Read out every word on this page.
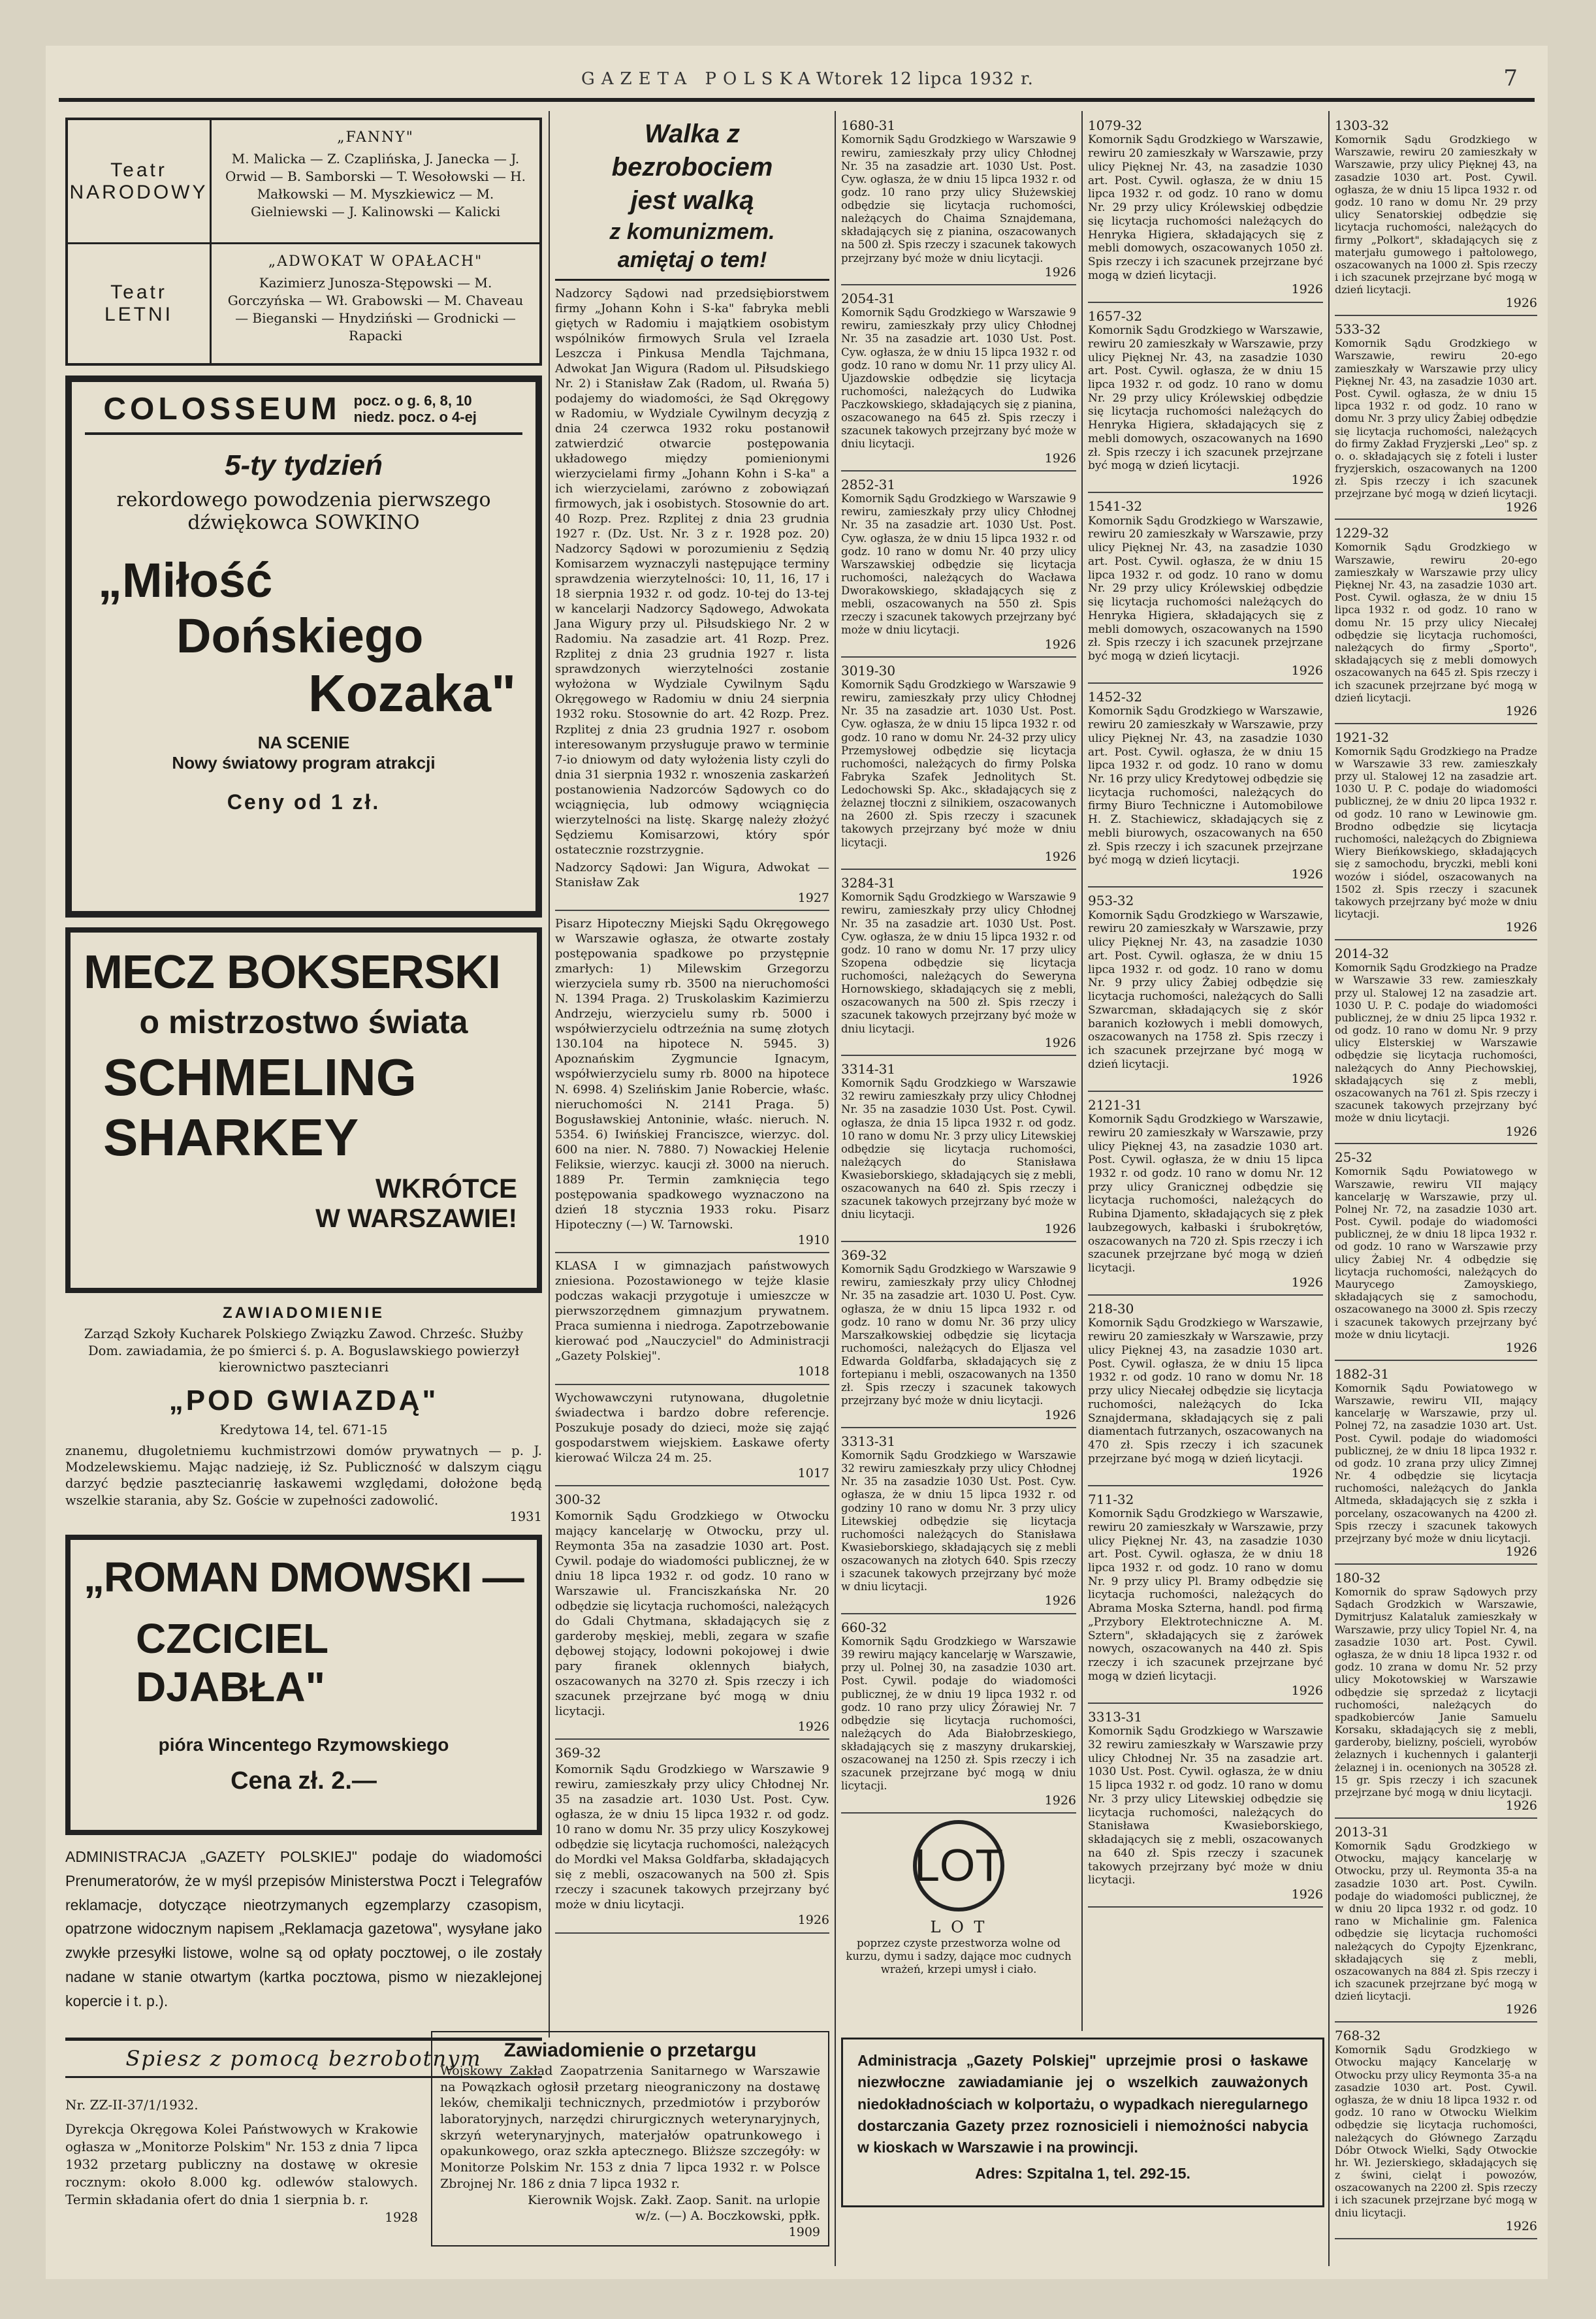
GAZETA POLSKA Wtorek 12 lipca 1932 r.	7
Teatr
NARODOWY
„FANNY"
M. Malicka — Z. Czaplińska, J. Janecka — J. Orwid — B. Samborski — T. Wesołowski — H. Małkowski — M. Myszkiewicz — M. Gielniewski — J. Kalinowski — Kalicki
Teatr
LETNI
„ADWOKAT W OPAŁACH"
Kazimierz Junosza-Stępowski — M. Gorczyńska — Wł. Grabowski — M. Chaveau — Bieganski — Hnydziński — Grodnicki — Rapacki
COLOSSEUM pocz. o g. 6, 8, 10 niedz. pocz. o 4-ej
5-ty tydzień
rekordowego powodzenia pierwszego dźwiękowca SOWKINO
„Miłość
Dońskiego
Kozaka"
NA SCENIE
Nowy światowy program atrakcji
Ceny od 1 zł.
MECZ BOKSERSKI
o mistrzostwo świata
SCHMELING
SHARKEY
WKRÓTCE
W WARSZAWIE!
ZAWIADOMIENIE
Zarząd Szkoły Kucharek Polskiego Związku Zawod. Chrześc. Służby Dom. zawiadamia, że po śmierci ś. p. A. Boguslawskiego powierzył kierownictwo pasztecianri
„POD GWIAZDĄ"
Kredytowa 14, tel. 671-15
znanemu, długoletniemu kuchmistrzowi domów prywatnych — p. J. Modzelewskiemu. Mając nadzieję, iż Sz. Publiczność w dalszym ciągu darzyć będzie pasztecianrię łaskawemi względami, dołożone będą wszelkie starania, aby Sz. Goście w zupełności zadowolić.
1931
„ROMAN DMOWSKI —
CZCICIEL DJABŁA"
pióra Wincentego Rzymowskiego
Cena zł. 2.—
ADMINISTRACJA „GAZETY POLSKIEJ" podaje do wiadomości Prenumeratorów, że w myśl przepisów Ministerstwa Poczt i Telegrafów reklamacje, dotyczące nieotrzymanych egzemplarzy czasopism, opatrzone widocznym napisem „Reklamacja gazetowa", wysyłane jako zwykłe przesyłki listowe, wolne są od opłaty pocztowej, o ile zostały nadane w stanie otwartym (kartka pocztowa, pismo w niezaklejonej kopercie i t. p.).
Spiesz z pomocą bezrobotnym
Nr. ZZ-II-37/1/1932.
Dyrekcja Okręgowa Kolei Państwowych w Krakowie ogłasza w „Monitorze Polskim" Nr. 153 z dnia 7 lipca 1932 przetarg publiczny na dostawę w okresie rocznym: około 8.000 kg. odlewów stalowych. Termin składania ofert do dnia 1 sierpnia b. r.
1928
Walka z
bezrobociem
jest walką
z komunizmem.
amiętaj o tem!
Nadzorcy Sądowi nad przedsiębiorstwem firmy „Johann Kohn i S-ka" fabryka mebli giętych w Radomiu i majątkiem osobistym wspólników firmowych Srula vel Izraela Leszcza i Pinkusa Mendla Tajchmana, Adwokat Jan Wigura (Radom ul. Piłsudskiego Nr. 2) i Stanisław Zak (Radom, ul. Rwańa 5) podajemy do wiadomości, że Sąd Okręgowy w Radomiu, w Wydziale Cywilnym decyzją z dnia 24 czerwca 1932 roku postanowił zatwierdzić otwarcie postępowania układowego między pomienionymi wierzycielami firmy „Johann Kohn i S-ka" a ich wierzycielami, zarówno z zobowiązań firmowych, jak i osobistych. Stosownie do art. 40 Rozp. Prez. Rzplitej z dnia 23 grudnia 1927 r. (Dz. Ust. Nr. 3 z r. 1928 poz. 20) Nadzorcy Sądowi w porozumieniu z Sędzią Komisarzem wyznaczyli następujące terminy sprawdzenia wierzytelności: 10, 11, 16, 17 i 18 sierpnia 1932 r. od godz. 10-tej do 13-tej w kancelarji Nadzorcy Sądowego, Adwokata Jana Wigury przy ul. Piłsudskiego Nr. 2 w Radomiu. Na zasadzie art. 41 Rozp. Prez. Rzplitej z dnia 23 grudnia 1927 r. lista sprawdzonych wierzytelności zostanie wyłożona w Wydziale Cywilnym Sądu Okręgowego w Radomiu w dniu 24 sierpnia 1932 roku. Stosownie do art. 42 Rozp. Prez. Rzplitej z dnia 23 grudnia 1927 r. osobom interesowanym przysługuje prawo w terminie 7-io dniowym od daty wyłożenia listy czyli do dnia 31 sierpnia 1932 r. wnoszenia zaskarżeń postanowienia Nadzorców Sądowych co do wciągnięcia, lub odmowy wciągnięcia wierzytelności na listę. Skargę należy złożyć Sędziemu Komisarzowi, który spór ostatecznie rozstrzygnie.
Nadzorcy Sądowi: Jan Wigura, Adwokat — Stanisław Zak
1927
Pisarz Hipoteczny Miejski Sądu Okręgowego w Warszawie ogłasza, że otwarte zostały postępowania spadkowe po przystępnie zmarłych: 1) Milewskim Grzegorzu wierzyciela sumy rb. 3500 na nieruchomości N. 1394 Praga. 2) Truskolaskim Kazimierzu Andrzeju, wierzycielu sumy rb. 5000 i współwierzycielu odtrzeźnia na sumę złotych 130.104 na hipotece N. 5945. 3) Apoznańskim Zygmuncie Ignacym, współwierzycielu sumy rb. 8000 na hipotece N. 6998. 4) Szelińskim Janie Robercie, właśc. nieruchomości N. 2141 Praga. 5) Bogusławskiej Antoninie, właśc. nieruch. N. 5354. 6) Iwińskiej Franciszce, wierzyc. dol. 600 na nier. N. 7880. 7) Nowackiej Helenie Feliksie, wierzyc. kaucji zł. 3000 na nieruch. 1889 Pr. Termin zamknięcia tego postępowania spadkowego wyznaczono na dzień 18 stycznia 1933 roku. Pisarz Hipoteczny (—) W. Tarnowski.
1910
KLASA I w gimnazjach państwowych zniesiona. Pozostawionego w tejże klasie podczas wakacji przygotuje i umieszcze w pierwszorzędnem gimnazjum prywatnem. Praca sumienna i niedroga. Zapotrzebowanie kierować pod „Nauczyciel" do Administracji „Gazety Polskiej".
1018
Wychowawczyni rutynowana, długoletnie świadectwa i bardzo dobre referencje. Poszukuje posady do dzieci, może się zająć gospodarstwem wiejskiem. Łaskawe oferty kierować Wilcza 24 m. 25.
1017
300-32
Komornik Sądu Grodzkiego w Otwocku mający kancelarję w Otwocku, przy ul. Reymonta 35a na zasadzie 1030 art. Post. Cywil. podaje do wiadomości publicznej, że w dniu 18 lipca 1932 r. od godz. 10 rano w Warszawie ul. Franciszkańska Nr. 20 odbędzie się licytacja ruchomości, należących do Gdali Chytmana, składających się z garderoby męskiej, mebli, zegara w szafie dębowej stojący, lodowni pokojowej i dwie pary firanek oklennych białych, oszacowanych na 3270 zł. Spis rzeczy i ich szacunek przejrzane być mogą w dniu licytacji.
1926
369-32
Komornik Sądu Grodzkiego w Warszawie 9 rewiru, zamieszkały przy ulicy Chłodnej Nr. 35 na zasadzie art. 1030 Ust. Post. Cyw. ogłasza, że w dniu 15 lipca 1932 r. od godz. 10 rano w domu Nr. 35 przy ulicy Koszykowej odbędzie się licytacja ruchomości, należących do Mordki vel Maksa Goldfarba, składających się z mebli, oszacowanych na 500 zł. Spis rzeczy i szacunek takowych przejrzany być może w dniu licytacji.
1926
1680-31
Komornik Sądu Grodzkiego w Warszawie 9 rewiru, zamieszkały przy ulicy Chłodnej Nr. 35 na zasadzie art. 1030 Ust. Post. Cyw. ogłasza, że w dniu 15 lipca 1932 r. od godz. 10 rano przy ulicy Służewskiej odbędzie się licytacja ruchomości, należących do Chaima Sznajdemana, składających się z pianina, oszacowanych na 500 zł. Spis rzeczy i szacunek takowych przejrzany być może w dniu licytacji.
1926
2054-31
Komornik Sądu Grodzkiego w Warszawie 9 rewiru, zamieszkały przy ulicy Chłodnej Nr. 35 na zasadzie art. 1030 Ust. Post. Cyw. ogłasza, że w dniu 15 lipca 1932 r. od godz. 10 rano w domu Nr. 11 przy ulicy Al. Ujazdowskie odbędzie się licytacja ruchomości, należących do Ludwika Paczkowskiego, składających się z pianina, oszacowanego na 645 zł. Spis rzeczy i szacunek takowych przejrzany być może w dniu licytacji.
1926
2852-31
Komornik Sądu Grodzkiego w Warszawie 9 rewiru, zamieszkały przy ulicy Chłodnej Nr. 35 na zasadzie art. 1030 Ust. Post. Cyw. ogłasza, że w dniu 15 lipca 1932 r. od godz. 10 rano w domu Nr. 40 przy ulicy Warszawskiej odbędzie się licytacja ruchomości, należących do Wacława Dworakowskiego, składających się z mebli, oszacowanych na 550 zł. Spis rzeczy i szacunek takowych przejrzany być może w dniu licytacji.
1926
3019-30
Komornik Sądu Grodzkiego w Warszawie 9 rewiru, zamieszkały przy ulicy Chłodnej Nr. 35 na zasadzie art. 1030 Ust. Post. Cyw. ogłasza, że w dniu 15 lipca 1932 r. od godz. 10 rano w domu Nr. 24-32 przy ulicy Przemysłowej odbędzie się licytacja ruchomości, należących do firmy Polska Fabryka Szafek Jednolitych St. Ledochowski Sp. Akc., składających się z żelaznej tłoczni z silnikiem, oszacowanych na 2600 zł. Spis rzeczy i szacunek takowych przejrzany być może w dniu licytacji.
1926
3284-31
Komornik Sądu Grodzkiego w Warszawie 9 rewiru, zamieszkały przy ulicy Chłodnej Nr. 35 na zasadzie art. 1030 Ust. Post. Cyw. ogłasza, że w dniu 15 lipca 1932 r. od godz. 10 rano w domu Nr. 17 przy ulicy Szopena odbędzie się licytacja ruchomości, należących do Seweryna Hornowskiego, składających się z mebli, oszacowanych na 500 zł. Spis rzeczy i szacunek takowych przejrzany być może w dniu licytacji.
1926
3314-31
Komornik Sądu Grodzkiego w Warszawie 32 rewiru zamieszkały przy ulicy Chłodnej Nr. 35 na zasadzie 1030 Ust. Post. Cywil. ogłasza, że dnia 15 lipca 1932 r. od godz. 10 rano w domu Nr. 3 przy ulicy Litewskiej odbędzie się licytacja ruchomości, należących do Stanisława Kwasieborskiego, składających się z mebli, oszacowanych na 640 zł. Spis rzeczy i szacunek takowych przejrzany być może w dniu licytacji.
1926
369-32
Komornik Sądu Grodzkiego w Warszawie 9 rewiru, zamieszkały przy ulicy Chłodnej Nr. 35 na zasadzie art. 1030 U. Post. Cyw. ogłasza, że w dniu 15 lipca 1932 r. od godz. 10 rano w domu Nr. 36 przy ulicy Marszałkowskiej odbędzie się licytacja ruchomości, należących do Eljasza vel Edwarda Goldfarba, składających się z fortepianu i mebli, oszacowanych na 1350 zł. Spis rzeczy i szacunek takowych przejrzany być może w dniu licytacji.
1926
3313-31
Komornik Sądu Grodzkiego w Warszawie 32 rewiru zamieszkały przy ulicy Chłodnej Nr. 35 na zasadzie 1030 Ust. Post. Cyw. ogłasza, że w dniu 15 lipca 1932 r. od godziny 10 rano w domu Nr. 3 przy ulicy Litewskiej odbędzie się licytacja ruchomości należących do Stanisława Kwasieborskiego, składających się z mebli oszacowanych na złotych 640. Spis rzeczy i szacunek takowych przejrzany być może w dniu licytacji.
1926
660-32
Komornik Sądu Grodzkiego w Warszawie 39 rewiru mający kancelarję w Warszawie, przy ul. Polnej 30, na zasadzie 1030 art. Post. Cywil. podaje do wiadomości publicznej, że w dniu 19 lipca 1932 r. od godz. 10 rano przy ulicy Żórawiej Nr. 7 odbędzie się licytacja ruchomości, należących do Ada Białobrzeskiego, składających się z maszyny drukarskiej, oszacowanej na 1250 zł. Spis rzeczy i ich szacunek przejrzane być mogą w dniu licytacji.
1926
LOT
L O T
poprzez czyste przestworza wolne od kurzu, dymu i sadzy, dające moc cudnych wrażeń, krzepi umysł i ciało.
1079-32
Komornik Sądu Grodzkiego w Warszawie, rewiru 20 zamieszkały w Warszawie, przy ulicy Pięknej Nr. 43, na zasadzie 1030 art. Post. Cywil. ogłasza, że w dniu 15 lipca 1932 r. od godz. 10 rano w domu Nr. 29 przy ulicy Królewskiej odbędzie się licytacja ruchomości należących do Henryka Higiera, składających się z mebli domowych, oszacowanych 1050 zł. Spis rzeczy i ich szacunek przejrzane być mogą w dzień licytacji.
1926
1657-32
Komornik Sądu Grodzkiego w Warszawie, rewiru 20 zamieszkały w Warszawie, przy ulicy Pięknej Nr. 43, na zasadzie 1030 art. Post. Cywil. ogłasza, że w dniu 15 lipca 1932 r. od godz. 10 rano w domu Nr. 29 przy ulicy Królewskiej odbędzie się licytacja ruchomości należących do Henryka Higiera, składających się z mebli domowych, oszacowanych na 1690 zł. Spis rzeczy i ich szacunek przejrzane być mogą w dzień licytacji.
1926
1541-32
Komornik Sądu Grodzkiego w Warszawie, rewiru 20 zamieszkały w Warszawie, przy ulicy Pięknej Nr. 43, na zasadzie 1030 art. Post. Cywil. ogłasza, że w dniu 15 lipca 1932 r. od godz. 10 rano w domu Nr. 29 przy ulicy Królewskiej odbędzie się licytacja ruchomości należących do Henryka Higiera, składających się z mebli domowych, oszacowanych na 1590 zł. Spis rzeczy i ich szacunek przejrzane być mogą w dzień licytacji.
1926
1452-32
Komornik Sądu Grodzkiego w Warszawie, rewiru 20 zamieszkały w Warszawie, przy ulicy Pięknej Nr. 43, na zasadzie 1030 art. Post. Cywil. ogłasza, że w dniu 15 lipca 1932 r. od godz. 10 rano w domu Nr. 16 przy ulicy Kredytowej odbędzie się licytacja ruchomości, należących do firmy Biuro Techniczne i Automobilowe H. Z. Stachiewicz, składających się z mebli biurowych, oszacowanych na 650 zł. Spis rzeczy i ich szacunek przejrzane być mogą w dzień licytacji.
1926
953-32
Komornik Sądu Grodzkiego w Warszawie, rewiru 20 zamieszkały w Warszawie, przy ulicy Pięknej Nr. 43, na zasadzie 1030 art. Post. Cywil. ogłasza, że w dniu 15 lipca 1932 r. od godz. 10 rano w domu Nr. 9 przy ulicy Żabiej odbędzie się licytacja ruchomości, należących do Salli Szwarcman, składających się z skór baranich kozłowych i mebli domowych, oszacowanych na 1758 zł. Spis rzeczy i ich szacunek przejrzane być mogą w dzień licytacji.
1926
2121-31
Komornik Sądu Grodzkiego w Warszawie, rewiru 20 zamieszkały w Warszawie, przy ulicy Pięknej 43, na zasadzie 1030 art. Post. Cywil. ogłasza, że w dniu 15 lipca 1932 r. od godz. 10 rano w domu Nr. 12 przy ulicy Granicznej odbędzie się licytacja ruchomości, należących do Rubina Djamento, składających się z płek laubzegowych, kałbaski i śrubokrętów, oszacowanych na 720 zł. Spis rzeczy i ich szacunek przejrzane być mogą w dzień licytacji.
1926
218-30
Komornik Sądu Grodzkiego w Warszawie, rewiru 20 zamieszkały w Warszawie, przy ulicy Pięknej 43, na zasadzie 1030 art. Post. Cywil. ogłasza, że w dniu 15 lipca 1932 r. od godz. 10 rano w domu Nr. 18 przy ulicy Niecałej odbędzie się licytacja ruchomości, należących do Icka Sznajdermana, składających się z pali diamentach futrzanych, oszacowanych na 470 zł. Spis rzeczy i ich szacunek przejrzane być mogą w dzień licytacji.
1926
711-32
Komornik Sądu Grodzkiego w Warszawie, rewiru 20 zamieszkały w Warszawie, przy ulicy Pięknej Nr. 43, na zasadzie 1030 art. Post. Cywil. ogłasza, że w dniu 18 lipca 1932 r. od godz. 10 rano w domu Nr. 9 przy ulicy Pl. Bramy odbędzie się licytacja ruchomości, należących do Abrama Moska Szterna, handl. pod firmą „Przybory Elektrotechniczne A. M. Sztern", składających się z żarówek nowych, oszacowanych na 440 zł. Spis rzeczy i ich szacunek przejrzane być mogą w dzień licytacji.
1926
3313-31
Komornik Sądu Grodzkiego w Warszawie 32 rewiru zamieszkały w Warszawie przy ulicy Chłodnej Nr. 35 na zasadzie art. 1030 Ust. Post. Cywil. ogłasza, że w dniu 15 lipca 1932 r. od godz. 10 rano w domu Nr. 3 przy ulicy Litewskiej odbędzie się licytacja ruchomości, należących do Stanisława Kwasieborskiego, składających się z mebli, oszacowanych na 640 zł. Spis rzeczy i szacunek takowych przejrzany być może w dniu licytacji.
1926
1303-32
Komornik Sądu Grodzkiego w Warszawie, rewiru 20 zamieszkały w Warszawie, przy ulicy Pięknej 43, na zasadzie 1030 art. Post. Cywil. ogłasza, że w dniu 15 lipca 1932 r. od godz. 10 rano w domu Nr. 29 przy ulicy Senatorskiej odbędzie się licytacja ruchomości, należących do firmy „Polkort", składających się z materjału gumowego i pałtolowego, oszacowanych na 1000 zł. Spis rzeczy i ich szacunek przejrzane być mogą w dzień licytacji.
1926
533-32
Komornik Sądu Grodzkiego w Warszawie, rewiru 20-ego zamieszkały w Warszawie przy ulicy Pięknej Nr. 43, na zasadzie 1030 art. Post. Cywil. ogłasza, że w dniu 15 lipca 1932 r. od godz. 10 rano w domu Nr. 3 przy ulicy Żabiej odbędzie się licytacja ruchomości, należących do firmy Zakład Fryzjerski „Leo" sp. z o. o. składających się z foteli i luster fryzjerskich, oszacowanych na 1200 zł. Spis rzeczy i ich szacunek przejrzane być mogą w dzień licytacji.
1926
1229-32
Komornik Sądu Grodzkiego w Warszawie, rewiru 20-ego zamieszkały w Warszawie przy ulicy Pięknej Nr. 43, na zasadzie 1030 art. Post. Cywil. ogłasza, że w dniu 15 lipca 1932 r. od godz. 10 rano w domu Nr. 15 przy ulicy Niecałej odbędzie się licytacja ruchomości, należących do firmy „Sporto", składających się z mebli domowych oszacowanych na 645 zł. Spis rzeczy i ich szacunek przejrzane być mogą w dzień licytacji.
1926
1921-32
Komornik Sądu Grodzkiego na Pradze w Warszawie 33 rew. zamieszkały przy ul. Stalowej 12 na zasadzie art. 1030 U. P. C. podaje do wiadomości publicznej, że w dniu 20 lipca 1932 r. od godz. 10 rano w Lewinowie gm. Brodno odbędzie się licytacja ruchomości, należących do Zbigniewa Wiery Bieńkowskiego, składających się z samochodu, bryczki, mebli koni wozów i siódel, oszacowanych na 1502 zł. Spis rzeczy i szacunek takowych przejrzany być może w dniu licytacji.
1926
2014-32
Komornik Sądu Grodzkiego na Pradze w Warszawie 33 rew. zamieszkały przy ul. Stalowej 12 na zasadzie art. 1030 U. P. C. podaje do wiadomości publicznej, że w dniu 25 lipca 1932 r. od godz. 10 rano w domu Nr. 9 przy ulicy Elsterskiej w Warszawie odbędzie się licytacja ruchomości, należących do Anny Piechowskiej, składających się z mebli, oszacowanych na 761 zł. Spis rzeczy i szacunek takowych przejrzany być może w dniu licytacji.
1926
25-32
Komornik Sądu Powiatowego w Warszawie, rewiru VII mający kancelarję w Warszawie, przy ul. Polnej Nr. 72, na zasadzie 1030 art. Post. Cywil. podaje do wiadomości publicznej, że w dniu 18 lipca 1932 r. od godz. 10 rano w Warszawie przy ulicy Żabiej Nr. 4 odbędzie się licytacja ruchomości, należących do Maurycego Zamoyskiego, składających się z samochodu, oszacowanego na 3000 zł. Spis rzeczy i szacunek takowych przejrzany być może w dniu licytacji.
1926
1882-31
Komornik Sądu Powiatowego w Warszawie, rewiru VII, mający kancelarję w Warszawie, przy ul. Polnej 72, na zasadzie 1030 art. Ust. Post. Cywil. podaje do wiadomości publicznej, że w dniu 18 lipca 1932 r. od godz. 10 zrana przy ulicy Zimnej Nr. 4 odbędzie się licytacja ruchomości, należących do Jankla Altmeda, składających się z szkła i porcelany, oszacowanych na 4200 zł. Spis rzeczy i szacunek takowych przejrzany być może w dniu licytacji.
1926
180-32
Komornik do spraw Sądowych przy Sądach Grodzkich w Warszawie, Dymitrjusz Kalataluk zamieszkały w Warszawie, przy ulicy Topiel Nr. 4, na zasadzie 1030 art. Post. Cywil. ogłasza, że w dniu 18 lipca 1932 r. od godz. 10 zrana w domu Nr. 52 przy ulicy Mokotowskiej w Warszawie odbędzie się sprzedaż z licytacji ruchomości, należących do spadkobierców Janie Samuelu Korsaku, składających się z mebli, garderoby, bielizny, pościeli, wyrobów żelaznych i kuchennych i galanterji żelaznej i in. ocenionych na 30528 zł. 15 gr. Spis rzeczy i ich szacunek przejrzane być mogą w dniu licytacji.
1926
2013-31
Komornik Sądu Grodzkiego w Otwocku, mający kancelarję w Otwocku, przy ul. Reymonta 35-a na zasadzie 1030 art. Post. Cywiln. podaje do wiadomości publicznej, że w dniu 20 lipca 1932 r. od godz. 10 rano w Michalinie gm. Falenica odbędzie się licytacja ruchomości należących do Cypojty Ejzenkranc, składających się z mebli, oszacowanych na 884 zł. Spis rzeczy i ich szacunek przejrzane być mogą w dzień licytacji.
1926
768-32
Komornik Sądu Grodzkiego w Otwocku mający Kancelarję w Otwocku przy ulicy Reymonta 35-a na zasadzie 1030 art. Post. Cywil. ogłasza, że w dniu 18 lipca 1932 r. od godz. 10 rano w Otwocku Wielkim odbędzie się licytacja ruchomości, należących do Głównego Zarządu Dóbr Otwock Wielki, Sądy Otwockie hr. Wł. Jezierskiego, składających się z świni, cieląt i powozów, oszacowanych na 2200 zł. Spis rzeczy i ich szacunek przejrzane być mogą w dniu licytacji.
1926
Zawiadomienie o przetargu
Wojskowy Zakład Zaopatrzenia Sanitarnego w Warszawie na Powązkach ogłosił przetarg nieograniczony na dostawę leków, chemikalji technicznych, przedmiotów i przyborów laboratoryjnych, narzędzi chirurgicznych weterynaryjnych, skrzyń weterynaryjnych, materjałów opatrunkowego i opakunkowego, oraz szkła aptecznego. Bliższe szczegóły: w Monitorze Polskim Nr. 153 z dnia 7 lipca 1932 r. w Polsce Zbrojnej Nr. 186 z dnia 7 lipca 1932 r.
Kierownik Wojsk. Zakł. Zaop. Sanit. na urlopie
w/z. (—) A. Boczkowski, ppłk.
1909
Administracja „Gazety Polskiej" uprzejmie prosi o łaskawe niezwłoczne zawiadamianie jej o wszelkich zauważonych niedokładnościach w kolportażu, o wypadkach nieregularnego dostarczania Gazety przez roznosicieli i niemożności nabycia w kioskach w Warszawie i na prowincji.
Adres: Szpitalna 1, tel. 292-15.
